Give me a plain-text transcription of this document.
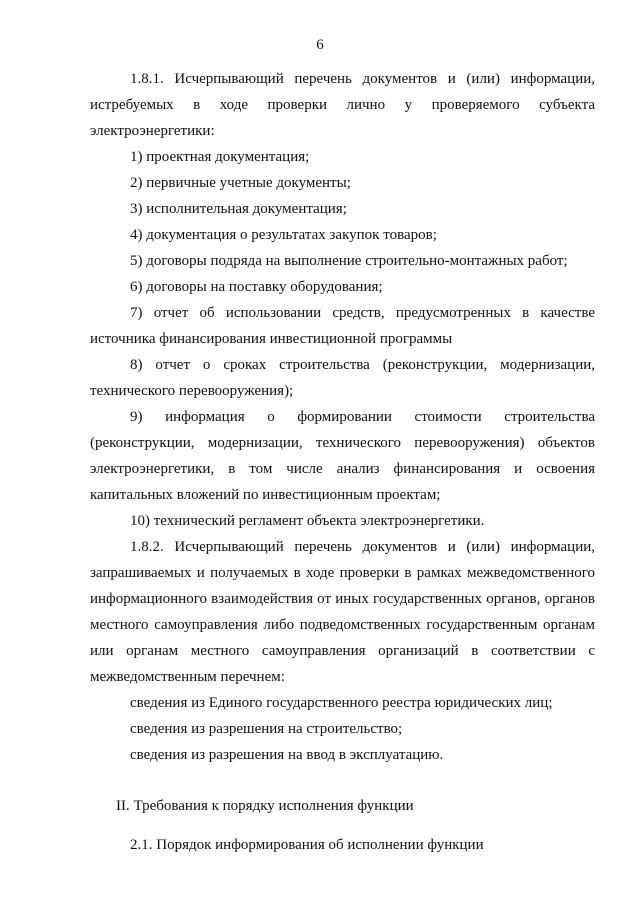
6

1.8.1. Исчерпывающий перечень документов и (или) информации, истребуемых в ходе проверки лично у проверяемого субъекта электроэнергетики:

1) проектная документация;

2) первичные учетные документы;

3) исполнительная документация;

4) документация о результатах закупок товаров;

5) договоры подряда на выполнение строительно-монтажных работ;

6) договоры на поставку оборудования;

7) отчет об использовании средств, предусмотренных в качестве источника финансирования инвестиционной программы

8) отчет о сроках строительства (реконструкции, модернизации, технического перевооружения);

9) информация о формировании стоимости строительства (реконструкции, модернизации, технического перевооружения) объектов электроэнергетики, в том числе анализ финансирования и освоения капитальных вложений по инвестиционным проектам;

10) технический регламент объекта электроэнергетики.

1.8.2. Исчерпывающий перечень документов и (или) информации, запрашиваемых и получаемых в ходе проверки в рамках межведомственного информационного взаимодействия от иных государственных органов, органов местного самоуправления либо подведомственных государственным органам или органам местного самоуправления организаций в соответствии с межведомственным перечнем:

сведения из Единого государственного реестра юридических лиц;

сведения из разрешения на строительство;

сведения из разрешения на ввод в эксплуатацию.

II. Требования к порядку исполнения функции

2.1. Порядок информирования об исполнении функции
